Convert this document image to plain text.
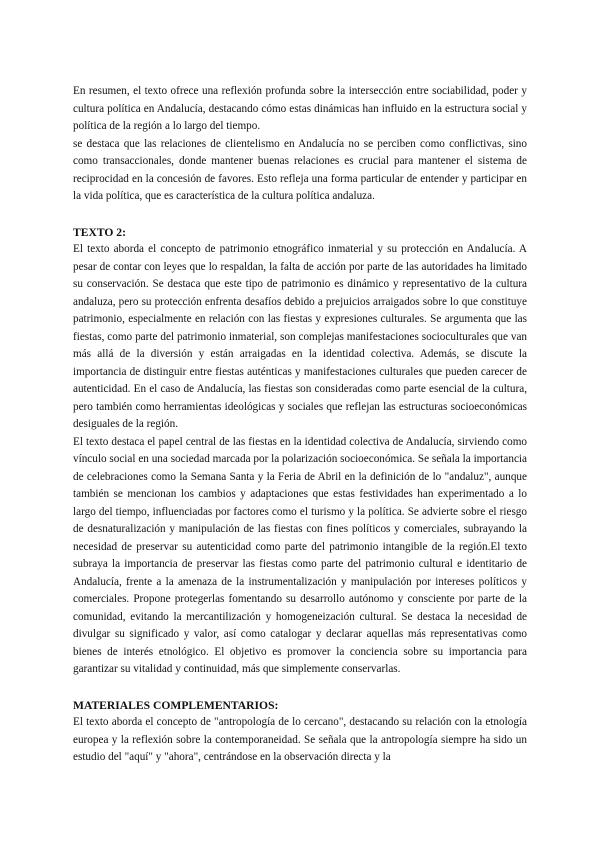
En resumen, el texto ofrece una reflexión profunda sobre la intersección entre sociabilidad, poder y cultura política en Andalucía, destacando cómo estas dinámicas han influido en la estructura social y política de la región a lo largo del tiempo.

se destaca que las relaciones de clientelismo en Andalucía no se perciben como conflictivas, sino como transaccionales, donde mantener buenas relaciones es crucial para mantener el sistema de reciprocidad en la concesión de favores. Esto refleja una forma particular de entender y participar en la vida política, que es característica de la cultura política andaluza.

TEXTO 2:

El texto aborda el concepto de patrimonio etnográfico inmaterial y su protección en Andalucía. A pesar de contar con leyes que lo respaldan, la falta de acción por parte de las autoridades ha limitado su conservación. Se destaca que este tipo de patrimonio es dinámico y representativo de la cultura andaluza, pero su protección enfrenta desafíos debido a prejuicios arraigados sobre lo que constituye patrimonio, especialmente en relación con las fiestas y expresiones culturales. Se argumenta que las fiestas, como parte del patrimonio inmaterial, son complejas manifestaciones socioculturales que van más allá de la diversión y están arraigadas en la identidad colectiva. Además, se discute la importancia de distinguir entre fiestas auténticas y manifestaciones culturales que pueden carecer de autenticidad. En el caso de Andalucía, las fiestas son consideradas como parte esencial de la cultura, pero también como herramientas ideológicas y sociales que reflejan las estructuras socioeconómicas desiguales de la región.

El texto destaca el papel central de las fiestas en la identidad colectiva de Andalucía, sirviendo como vínculo social en una sociedad marcada por la polarización socioeconómica. Se señala la importancia de celebraciones como la Semana Santa y la Feria de Abril en la definición de lo "andaluz", aunque también se mencionan los cambios y adaptaciones que estas festividades han experimentado a lo largo del tiempo, influenciadas por factores como el turismo y la política. Se advierte sobre el riesgo de desnaturalización y manipulación de las fiestas con fines políticos y comerciales, subrayando la necesidad de preservar su autenticidad como parte del patrimonio intangible de la región.El texto subraya la importancia de preservar las fiestas como parte del patrimonio cultural e identitario de Andalucía, frente a la amenaza de la instrumentalización y manipulación por intereses políticos y comerciales. Propone protegerlas fomentando su desarrollo autónomo y consciente por parte de la comunidad, evitando la mercantilización y homogeneización cultural. Se destaca la necesidad de divulgar su significado y valor, así como catalogar y declarar aquellas más representativas como bienes de interés etnológico. El objetivo es promover la conciencia sobre su importancia para garantizar su vitalidad y continuidad, más que simplemente conservarlas.

MATERIALES COMPLEMENTARIOS:

El texto aborda el concepto de "antropología de lo cercano", destacando su relación con la etnología europea y la reflexión sobre la contemporaneidad. Se señala que la antropología siempre ha sido un estudio del "aquí" y "ahora", centrándose en la observación directa y la
